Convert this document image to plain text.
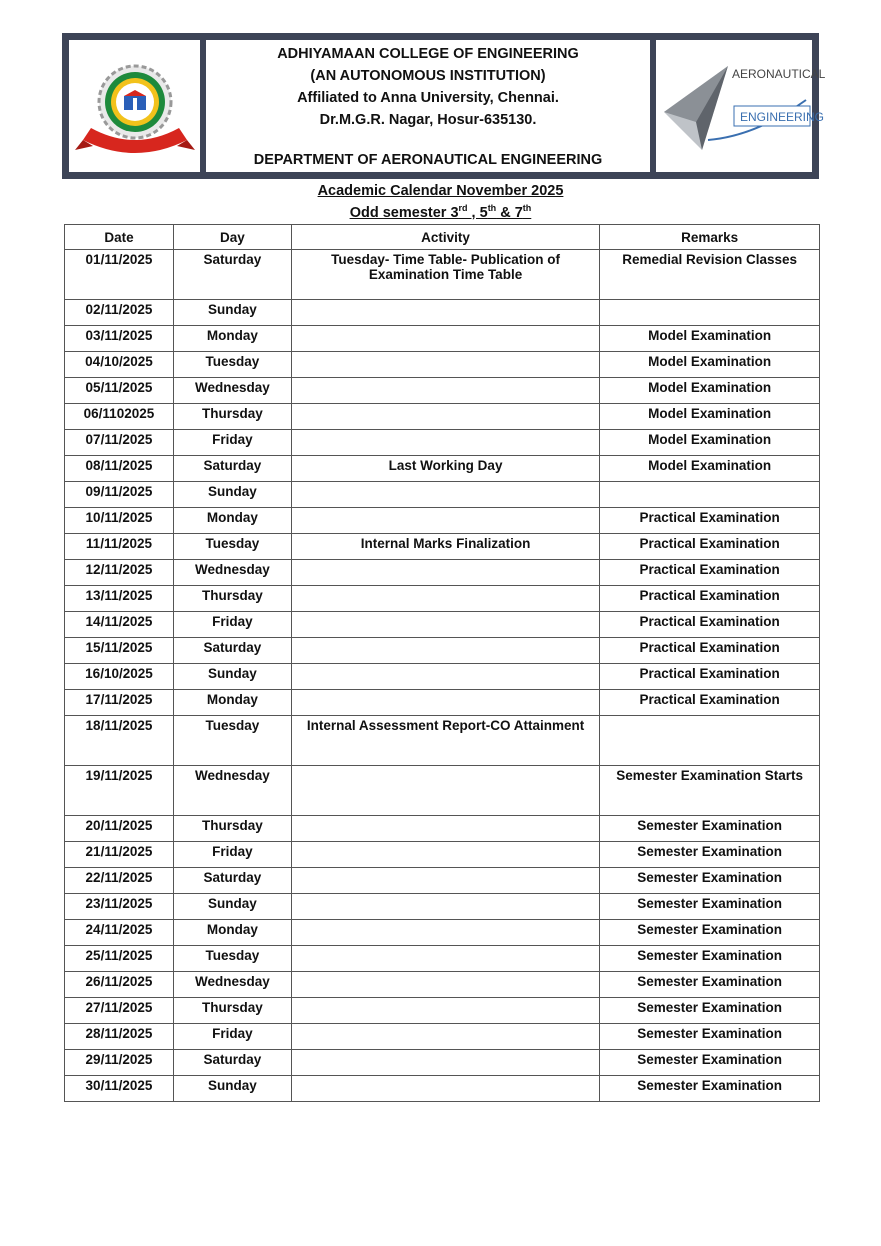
ADHIYAMAAN COLLEGE OF ENGINEERING
(AN AUTONOMOUS INSTITUTION)
Affiliated to Anna University, Chennai.
Dr.M.G.R. Nagar, Hosur-635130.
DEPARTMENT OF AERONAUTICAL ENGINEERING
AERONAUTICAL
ENGINEERING
Academic Calendar November 2025
Odd semester 3rd , 5th & 7th
Date	Day	Activity	Remarks
01/11/2025	Saturday	Tuesday- Time Table- Publication of Examination Time Table	Remedial Revision Classes
02/11/2025	Sunday		
03/11/2025	Monday		Model Examination
04/10/2025	Tuesday		Model Examination
05/11/2025	Wednesday		Model Examination
06/1102025	Thursday		Model Examination
07/11/2025	Friday		Model Examination
08/11/2025	Saturday	Last Working Day	Model Examination
09/11/2025	Sunday		
10/11/2025	Monday		Practical Examination
11/11/2025	Tuesday	Internal Marks Finalization	Practical Examination
12/11/2025	Wednesday		Practical Examination
13/11/2025	Thursday		Practical Examination
14/11/2025	Friday		Practical Examination
15/11/2025	Saturday		Practical Examination
16/10/2025	Sunday		Practical Examination
17/11/2025	Monday		Practical Examination
18/11/2025	Tuesday	Internal Assessment Report-CO Attainment	
19/11/2025	Wednesday		Semester Examination Starts
20/11/2025	Thursday		Semester Examination
21/11/2025	Friday		Semester Examination
22/11/2025	Saturday		Semester Examination
23/11/2025	Sunday		Semester Examination
24/11/2025	Monday		Semester Examination
25/11/2025	Tuesday		Semester Examination
26/11/2025	Wednesday		Semester Examination
27/11/2025	Thursday		Semester Examination
28/11/2025	Friday		Semester Examination
29/11/2025	Saturday		Semester Examination
30/11/2025	Sunday		Semester Examination
